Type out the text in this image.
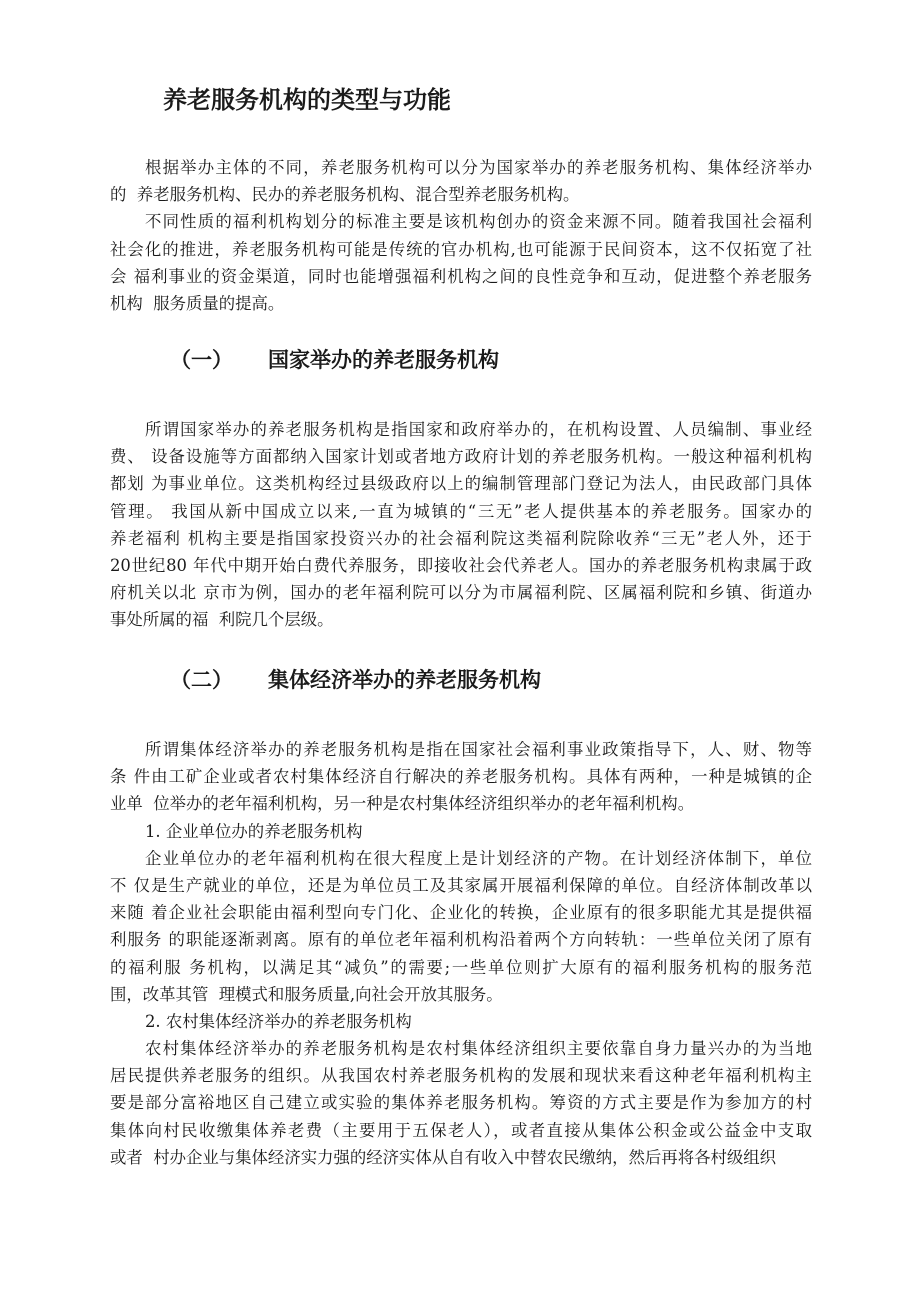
养老服务机构的类型与功能
根据举办主体的不同，养老服务机构可以分为国家举办的养老服务机构、集体经济举办
的  养老服务机构、民办的养老服务机构、混合型养老服务机构。
不同性质的福利机构划分的标准主要是该机构创办的资金来源不同。随着我国社会福利
社会化的推进，养老服务机构可能是传统的官办机构,也可能源于民间资本，这不仅拓宽了社
会 福利事业的资金渠道，同时也能增强福利机构之间的良性竞争和互动，促进整个养老服务
机构  服务质量的提高。
（一） 国家举办的养老服务机构
所谓国家举办的养老服务机构是指国家和政府举办的，在机构设置、人员编制、事业经
费、 设备设施等方面都纳入国家计划或者地方政府计划的养老服务机构。一般这种福利机构
都划 为事业单位。这类机构经过县级政府以上的编制管理部门登记为法人，由民政部门具体
管理。 我国从新中国成立以来,一直为城镇的“三无”老人提供基本的养老服务。国家办的
养老福利 机构主要是指国家投资兴办的社会福利院这类福利院除收养“三无”老人外，还于
20世纪80 年代中期开始白费代养服务，即接收社会代养老人。国办的养老服务机构隶属于政
府机关以北 京市为例，国办的老年福利院可以分为市属福利院、区属福利院和乡镇、街道办
事处所属的福  利院几个层级。
（二） 集体经济举办的养老服务机构
所谓集体经济举办的养老服务机构是指在国家社会福利事业政策指导下，人、财、物等
条 件由工矿企业或者农村集体经济自行解决的养老服务机构。具体有两种，一种是城镇的企
业单  位举办的老年福利机构，另一种是农村集体经济组织举办的老年福利机构。
1. 企业单位办的养老服务机构
企业单位办的老年福利机构在很大程度上是计划经济的产物。在计划经济体制下，单位
不 仅是生产就业的单位，还是为单位员工及其家属开展福利保障的单位。自经济体制改革以
来随 着企业社会职能由福利型向专门化、企业化的转换，企业原有的很多职能尤其是提供福
利服务 的职能逐渐剥离。原有的单位老年福利机构沿着两个方向转轨：一些单位关闭了原有
的福利服 务机构，以满足其“减负”的需要;一些单位则扩大原有的福利服务机构的服务范
围，改革其管  理模式和服务质量,向社会开放其服务。
2. 农村集体经济举办的养老服务机构
农村集体经济举办的养老服务机构是农村集体经济组织主要依靠自身力量兴办的为当地
居民提供养老服务的组织。从我国农村养老服务机构的发展和现状来看这种老年福利机构主
要是部分富裕地区自己建立或实验的集体养老服务机构。筹资的方式主要是作为参加方的村
集体向村民收缴集体养老费（主要用于五保老人），或者直接从集体公积金或公益金中支取
或者  村办企业与集体经济实力强的经济实体从自有收入中替农民缴纳，然后再将各村级组织
